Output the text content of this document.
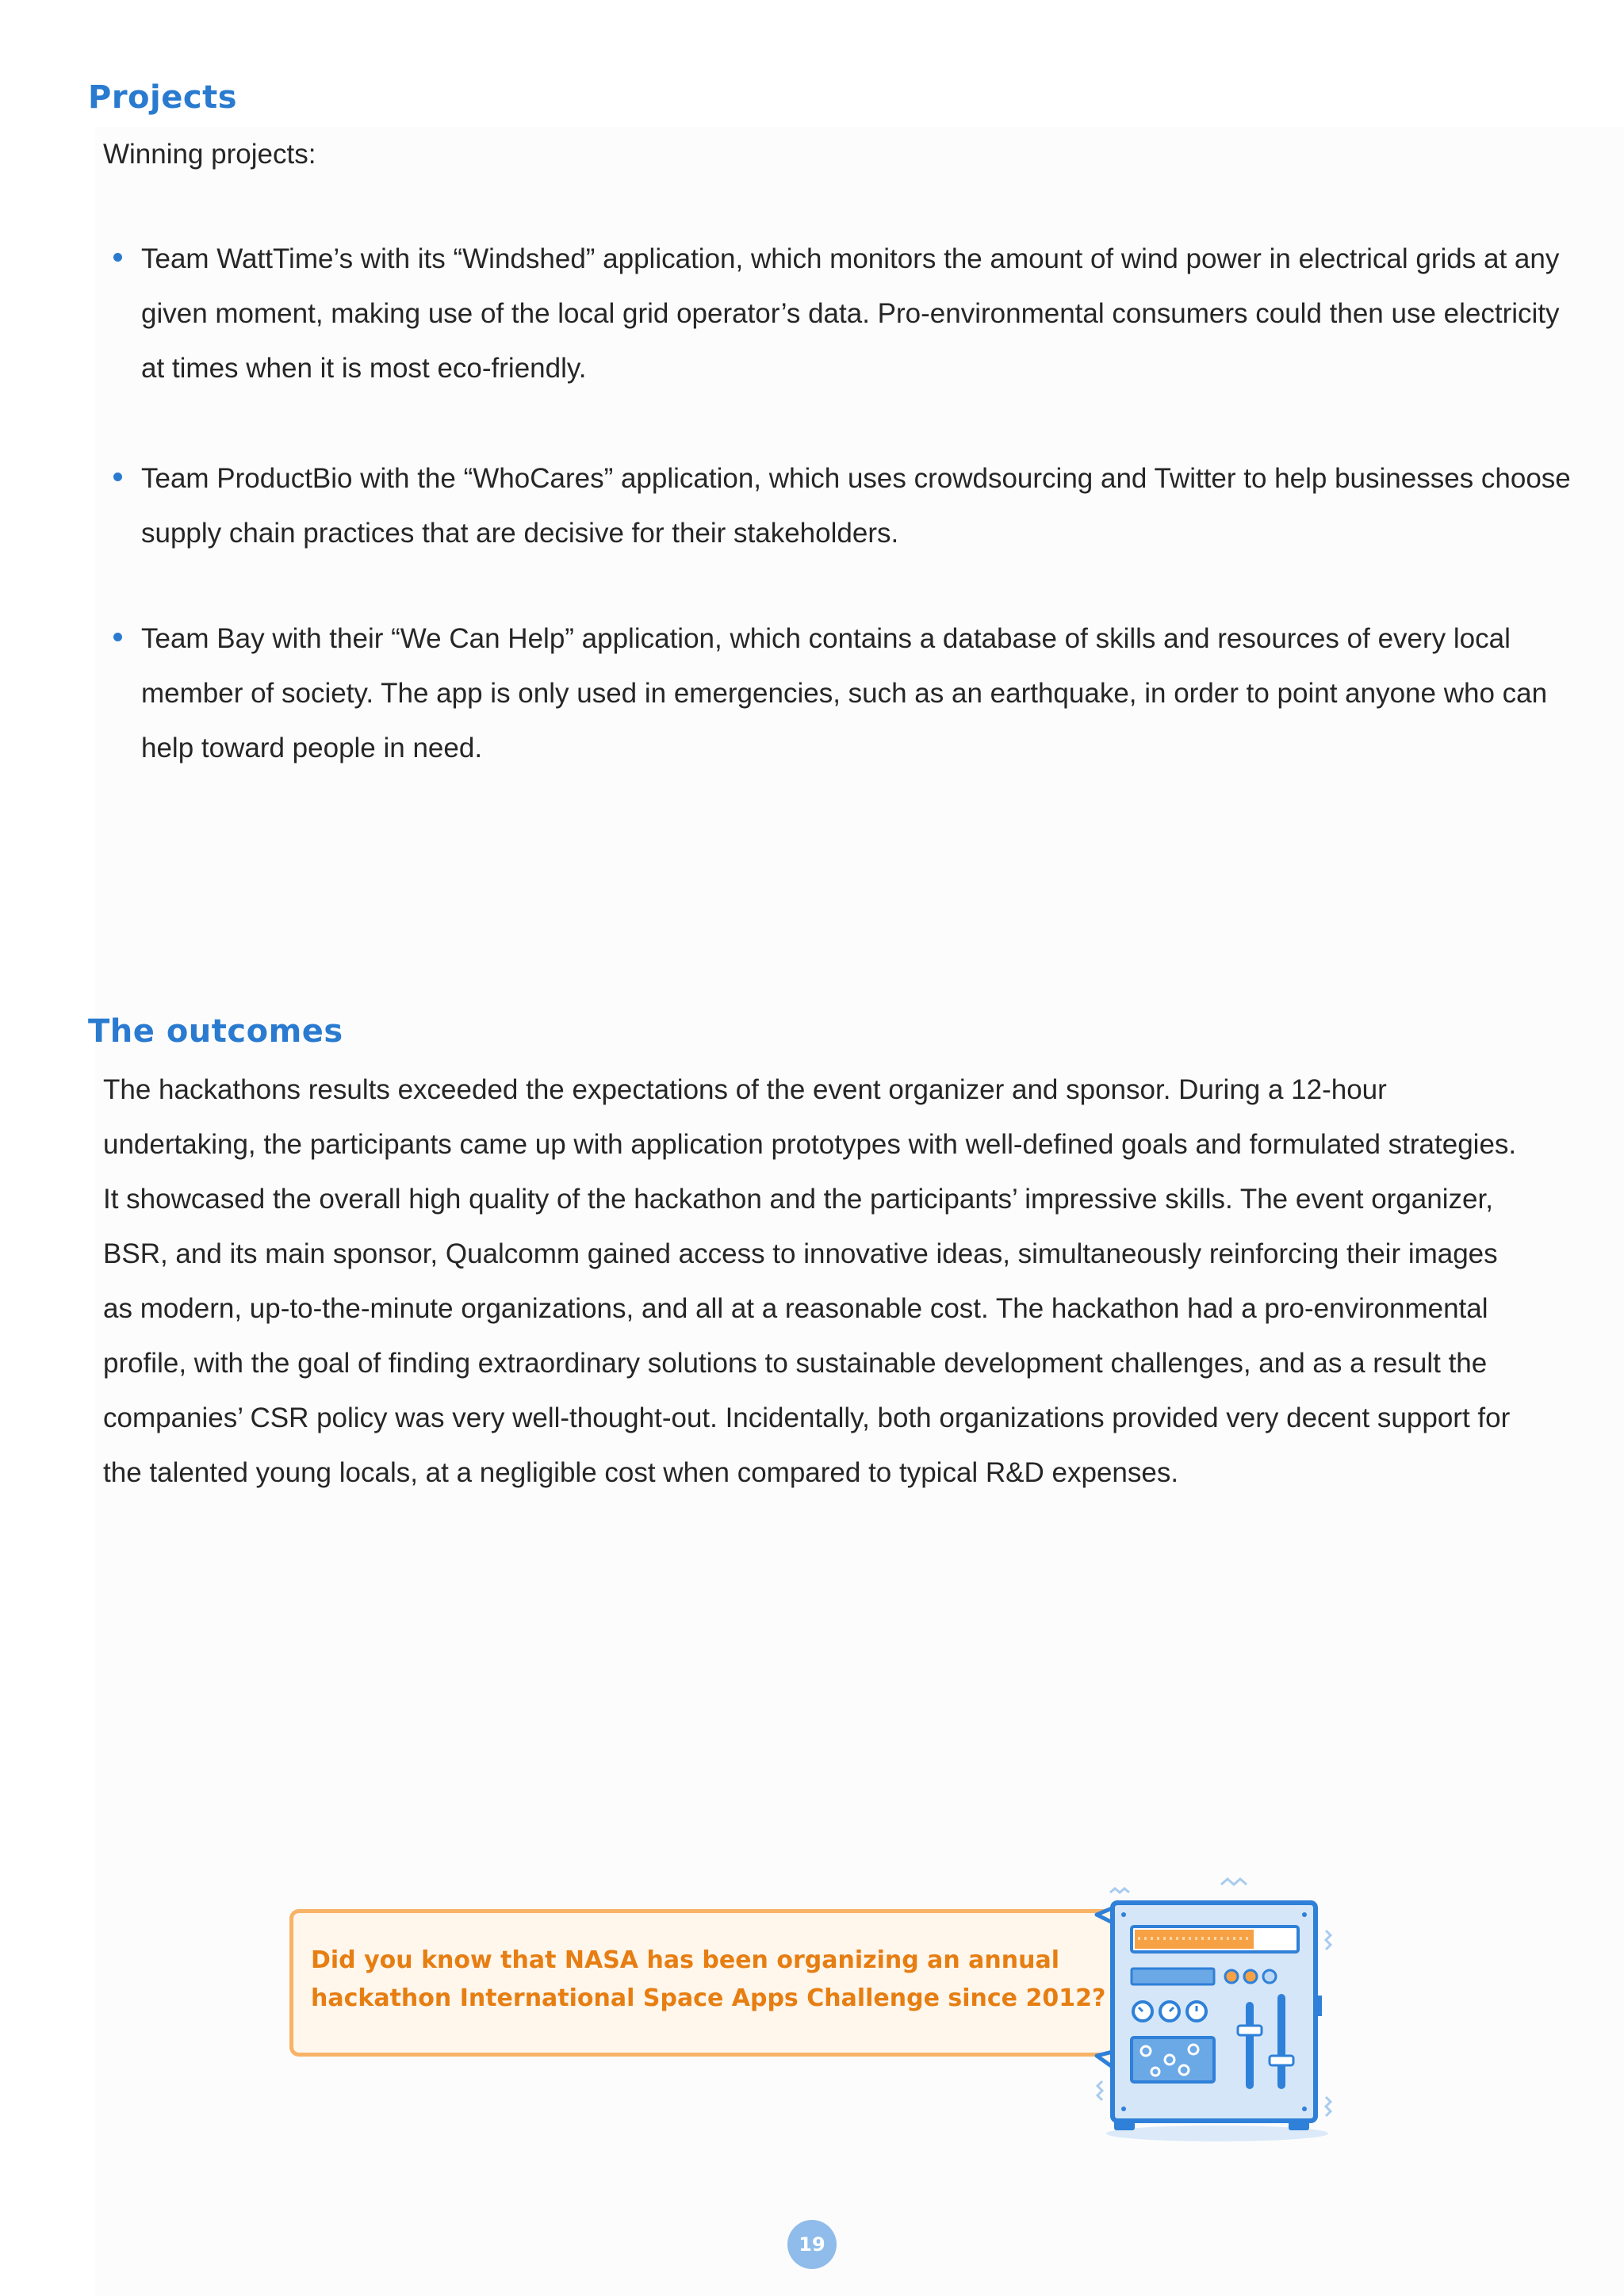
Projects

Winning projects:

Team WattTime’s with its “Windshed” application, which monitors the amount of wind power in electrical grids at any given moment, making use of the local grid operator’s data. Pro-environmental consumers could then use electricity at times when it is most eco-friendly.

Team ProductBio with the “WhoCares” application, which uses crowdsourcing and Twitter to help businesses choose supply chain practices that are decisive for their stakeholders.

Team Bay with their “We Can Help” application, which contains a database of skills and resources of every local member of society. The app is only used in emergencies, such as an earthquake, in order to point anyone who can help toward people in need.

The outcomes

The hackathons results exceeded the expectations of the event organizer and sponsor. During a 12-hour undertaking, the participants came up with application prototypes with well-defined goals and formulated strategies. It showcased the overall high quality of the hackathon and the participants’ impressive skills. The event organizer, BSR, and its main sponsor, Qualcomm gained access to innovative ideas, simultaneously reinforcing their images as modern, up-to-the-minute organizations, and all at a reasonable cost. The hackathon had a pro-environmental profile, with the goal of finding extraordinary solutions to sustainable development challenges, and as a result the companies’ CSR policy was very well-thought-out. Incidentally, both organizations provided very decent support for the talented young locals, at a negligible cost when compared to typical R&D expenses.

Did you know that NASA has been organizing an annual hackathon International Space Apps Challenge since 2012?

19
